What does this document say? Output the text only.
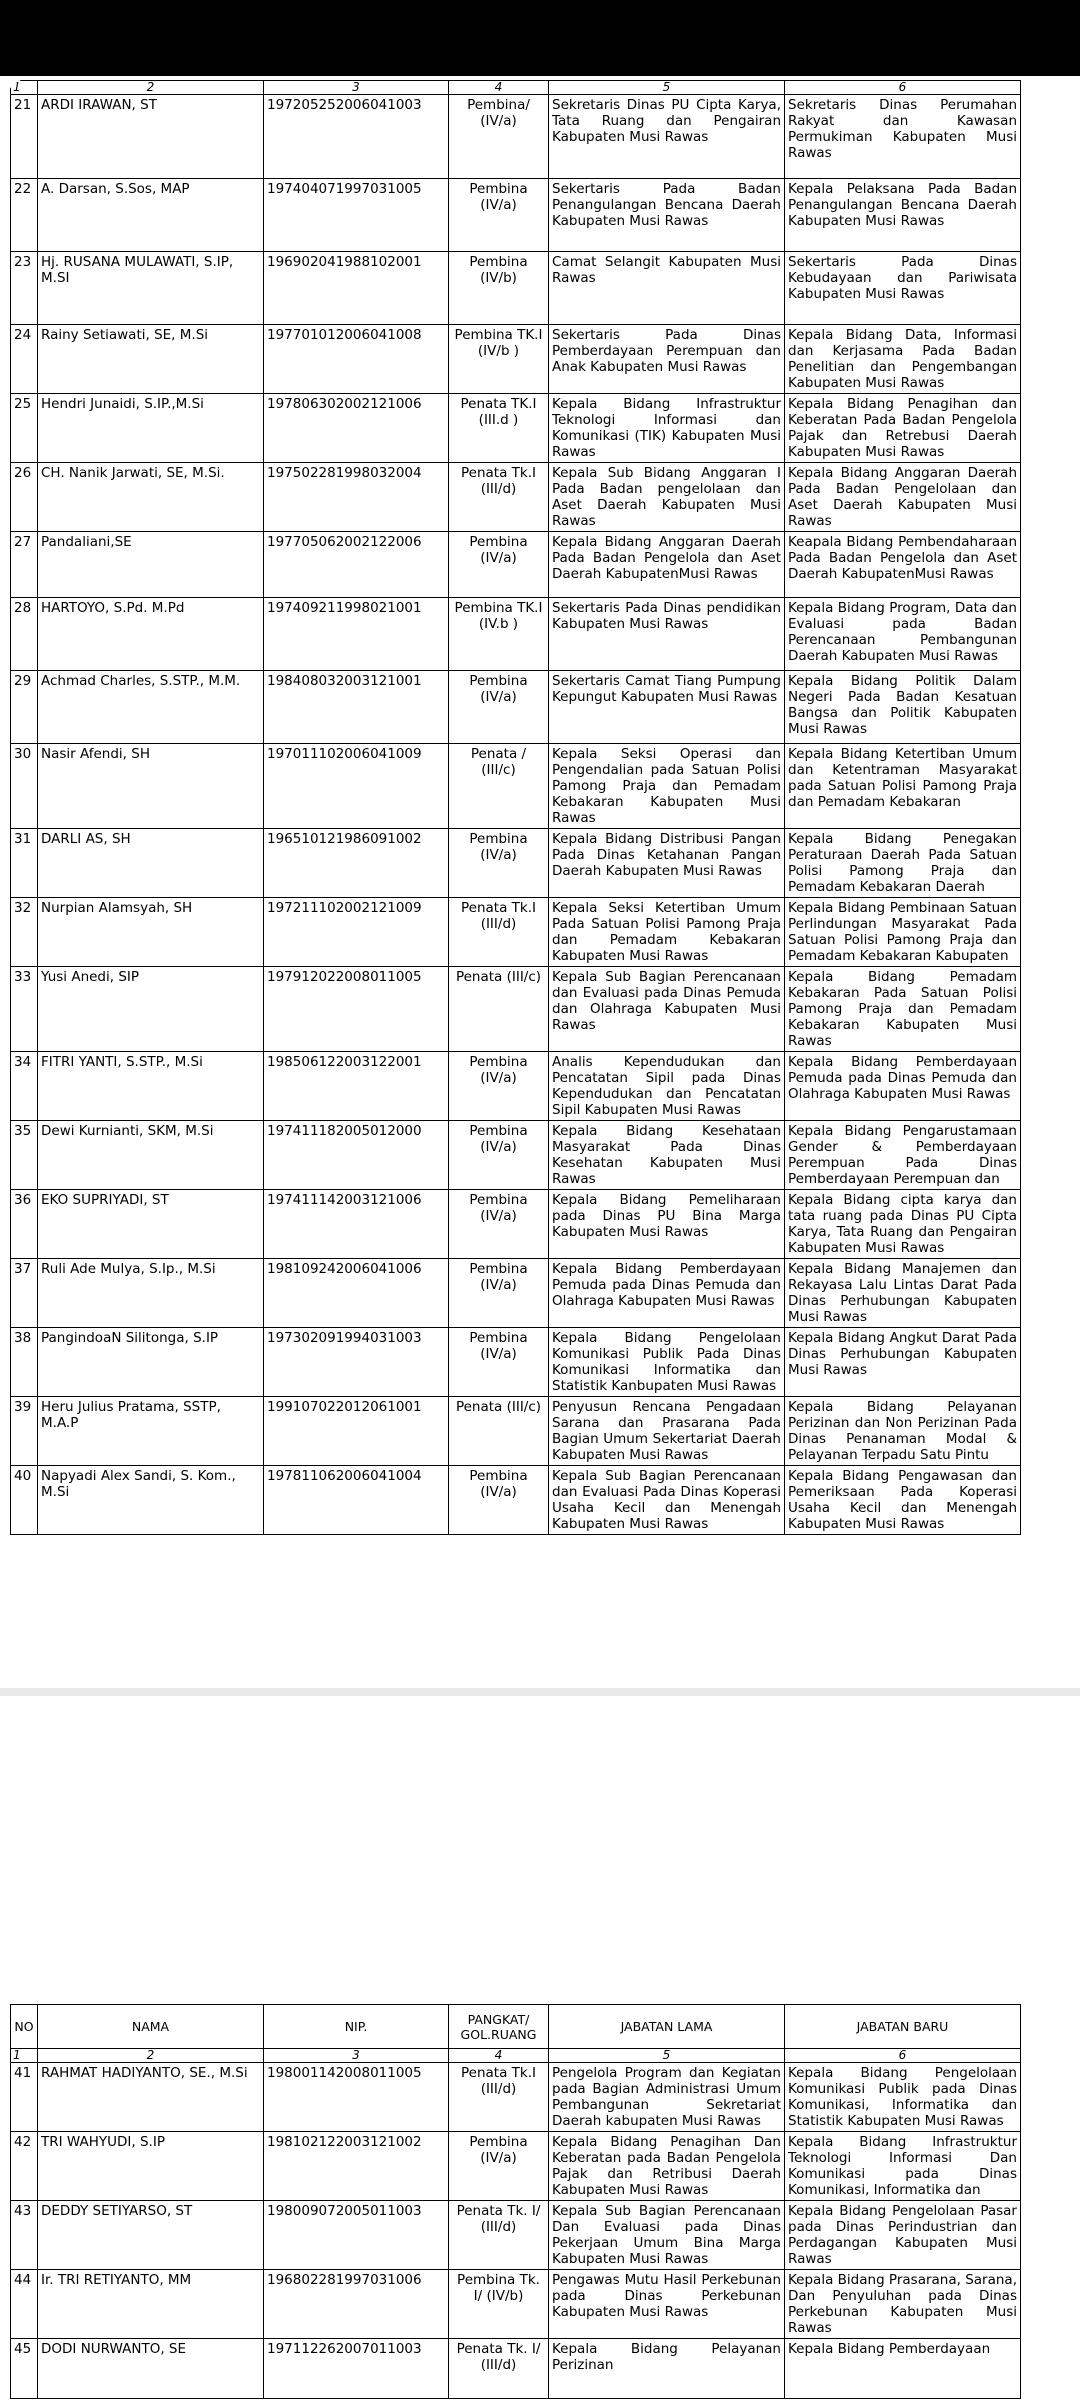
1	2	3	4	5	6
21	ARDI IRAWAN, ST	197205252006041003	Pembina/ (IV/a)	Sekretaris Dinas PU Cipta Karya, Tata Ruang dan Pengairan Kabupaten Musi Rawas	Sekretaris Dinas Perumahan Rakyat dan Kawasan Permukiman Kabupaten Musi Rawas
22	A. Darsan, S.Sos, MAP	197404071997031005	Pembina (IV/a)	Sekertaris Pada Badan Penangulangan Bencana Daerah Kabupaten Musi Rawas	Kepala Pelaksana Pada Badan Penangulangan Bencana Daerah Kabupaten Musi Rawas
23	Hj. RUSANA MULAWATI, S.IP, M.SI	196902041988102001	Pembina (IV/b)	Camat Selangit Kabupaten Musi Rawas	Sekertaris Pada Dinas Kebudayaan dan Pariwisata Kabupaten Musi Rawas
24	Rainy Setiawati, SE, M.Si	197701012006041008	Pembina TK.I (IV/b )	Sekertaris Pada Dinas Pemberdayaan Perempuan dan Anak Kabupaten Musi Rawas	Kepala Bidang Data, Informasi dan Kerjasama Pada Badan Penelitian dan Pengembangan Kabupaten Musi Rawas
25	Hendri Junaidi, S.IP.,M.Si	197806302002121006	Penata TK.I (III.d )	Kepala Bidang Infrastruktur Teknologi Informasi dan Komunikasi (TIK) Kabupaten Musi Rawas	Kepala Bidang Penagihan dan Keberatan Pada Badan Pengelola Pajak dan Retrebusi Daerah Kabupaten Musi Rawas
26	CH. Nanik Jarwati, SE, M.Si.	197502281998032004	Penata Tk.I (III/d)	Kepala Sub Bidang Anggaran I Pada Badan pengelolaan dan Aset Daerah Kabupaten Musi Rawas	Kepala Bidang Anggaran Daerah Pada Badan Pengelolaan dan Aset Daerah Kabupaten Musi Rawas
27	Pandaliani,SE	197705062002122006	Pembina (IV/a)	Kepala Bidang Anggaran Daerah Pada Badan Pengelola dan Aset Daerah KabupatenMusi Rawas	Keapala Bidang Pembendaharaan Pada Badan Pengelola dan Aset Daerah KabupatenMusi Rawas
28	HARTOYO, S.Pd. M.Pd	197409211998021001	Pembina TK.I (IV.b )	Sekertaris Pada Dinas pendidikan Kabupaten Musi Rawas	Kepala Bidang Program, Data dan Evaluasi pada Badan Perencanaan Pembangunan Daerah Kabupaten Musi Rawas
29	Achmad Charles, S.STP., M.M.	198408032003121001	Pembina (IV/a)	Sekertaris Camat Tiang Pumpung Kepungut Kabupaten Musi Rawas	Kepala Bidang Politik Dalam Negeri Pada Badan Kesatuan Bangsa dan Politik Kabupaten Musi Rawas
30	Nasir Afendi, SH	197011102006041009	Penata / (III/c)	Kepala Seksi Operasi dan Pengendalian pada Satuan Polisi Pamong Praja dan Pemadam Kebakaran Kabupaten Musi Rawas	Kepala Bidang Ketertiban Umum dan Ketentraman Masyarakat pada Satuan Polisi Pamong Praja dan Pemadam Kebakaran
31	DARLI AS, SH	196510121986091002	Pembina (IV/a)	Kepala Bidang Distribusi Pangan Pada Dinas Ketahanan Pangan Daerah Kabupaten Musi Rawas	Kepala Bidang Penegakan Peraturaan Daerah Pada Satuan Polisi Pamong Praja dan Pemadam Kebakaran Daerah
32	Nurpian Alamsyah, SH	197211102002121009	Penata Tk.I (III/d)	Kepala Seksi Ketertiban Umum Pada Satuan Polisi Pamong Praja dan Pemadam Kebakaran Kabupaten Musi Rawas	Kepala Bidang Pembinaan Satuan Perlindungan Masyarakat Pada Satuan Polisi Pamong Praja dan Pemadam Kebakaran Kabupaten
33	Yusi Anedi, SIP	197912022008011005	Penata (III/c)	Kepala Sub Bagian Perencanaan dan Evaluasi pada Dinas Pemuda dan Olahraga Kabupaten Musi Rawas	Kepala Bidang Pemadam Kebakaran Pada Satuan Polisi Pamong Praja dan Pemadam Kebakaran Kabupaten Musi Rawas
34	FITRI YANTI, S.STP., M.Si	198506122003122001	Pembina (IV/a)	Analis Kependudukan dan Pencatatan Sipil pada Dinas Kependudukan dan Pencatatan Sipil Kabupaten Musi Rawas	Kepala Bidang Pemberdayaan Pemuda pada Dinas Pemuda dan Olahraga Kabupaten Musi Rawas
35	Dewi Kurnianti, SKM, M.Si	197411182005012000	Pembina (IV/a)	Kepala Bidang Kesehataan Masyarakat Pada Dinas Kesehatan Kabupaten Musi Rawas	Kepala Bidang Pengarustamaan Gender & Pemberdayaan Perempuan Pada Dinas Pemberdayaan Perempuan dan
36	EKO SUPRIYADI, ST	197411142003121006	Pembina (IV/a)	Kepala Bidang Pemeliharaan pada Dinas PU Bina Marga Kabupaten Musi Rawas	Kepala Bidang cipta karya dan tata ruang pada Dinas PU Cipta Karya, Tata Ruang dan Pengairan Kabupaten Musi Rawas
37	Ruli Ade Mulya, S.Ip., M.Si	198109242006041006	Pembina (IV/a)	Kepala Bidang Pemberdayaan Pemuda pada Dinas Pemuda dan Olahraga Kabupaten Musi Rawas	Kepala Bidang Manajemen dan Rekayasa Lalu Lintas Darat Pada Dinas Perhubungan Kabupaten Musi Rawas
38	PangindoaN Silitonga, S.IP	197302091994031003	Pembina (IV/a)	Kepala Bidang Pengelolaan Komunikasi Publik Pada Dinas Komunikasi Informatika dan Statistik Kanbupaten Musi Rawas	Kepala Bidang Angkut Darat Pada Dinas Perhubungan Kabupaten Musi Rawas
39	Heru Julius Pratama, SSTP, M.A.P	199107022012061001	Penata (III/c)	Penyusun Rencana Pengadaan Sarana dan Prasarana Pada Bagian Umum Sekertariat Daerah Kabupaten Musi Rawas	Kepala Bidang Pelayanan Perizinan dan Non Perizinan Pada Dinas Penanaman Modal & Pelayanan Terpadu Satu Pintu
40	Napyadi Alex Sandi, S. Kom., M.Si	197811062006041004	Pembina (IV/a)	Kepala Sub Bagian Perencanaan dan Evaluasi Pada Dinas Koperasi Usaha Kecil dan Menengah Kabupaten Musi Rawas	Kepala Bidang Pengawasan dan Pemeriksaan Pada Koperasi Usaha Kecil dan Menengah Kabupaten Musi Rawas
NO	NAMA	NIP.	PANGKAT/ GOL.RUANG	JABATAN LAMA	JABATAN BARU
1	2	3	4	5	6
41	RAHMAT HADIYANTO, SE., M.Si	198001142008011005	Penata Tk.I (III/d)	Pengelola Program dan Kegiatan pada Bagian Administrasi Umum Pembangunan Sekretariat Daerah kabupaten Musi Rawas	Kepala Bidang Pengelolaan Komunikasi Publik pada Dinas Komunikasi, Informatika dan Statistik Kabupaten Musi Rawas
42	TRI WAHYUDI, S.IP	198102122003121002	Pembina (IV/a)	Kepala Bidang Penagihan Dan Keberatan pada Badan Pengelola Pajak dan Retribusi Daerah Kabupaten Musi Rawas	Kepala Bidang Infrastruktur Teknologi Informasi Dan Komunikasi pada Dinas Komunikasi, Informatika dan
43	DEDDY SETIYARSO, ST	198009072005011003	Penata Tk. I/ (III/d)	Kepala Sub Bagian Perencanaan Dan Evaluasi pada Dinas Pekerjaan Umum Bina Marga Kabupaten Musi Rawas	Kepala Bidang Pengelolaan Pasar pada Dinas Perindustrian dan Perdagangan Kabupaten Musi Rawas
44	Ir. TRI RETIYANTO, MM	196802281997031006	Pembina Tk. I/ (IV/b)	Pengawas Mutu Hasil Perkebunan pada Dinas Perkebunan Kabupaten Musi Rawas	Kepala Bidang Prasarana, Sarana, Dan Penyuluhan pada Dinas Perkebunan Kabupaten Musi Rawas
45	DODI NURWANTO, SE	197112262007011003	Penata Tk. I/ (III/d)	Kepala Bidang Pelayanan Perizinan	Kepala Bidang Pemberdayaan
